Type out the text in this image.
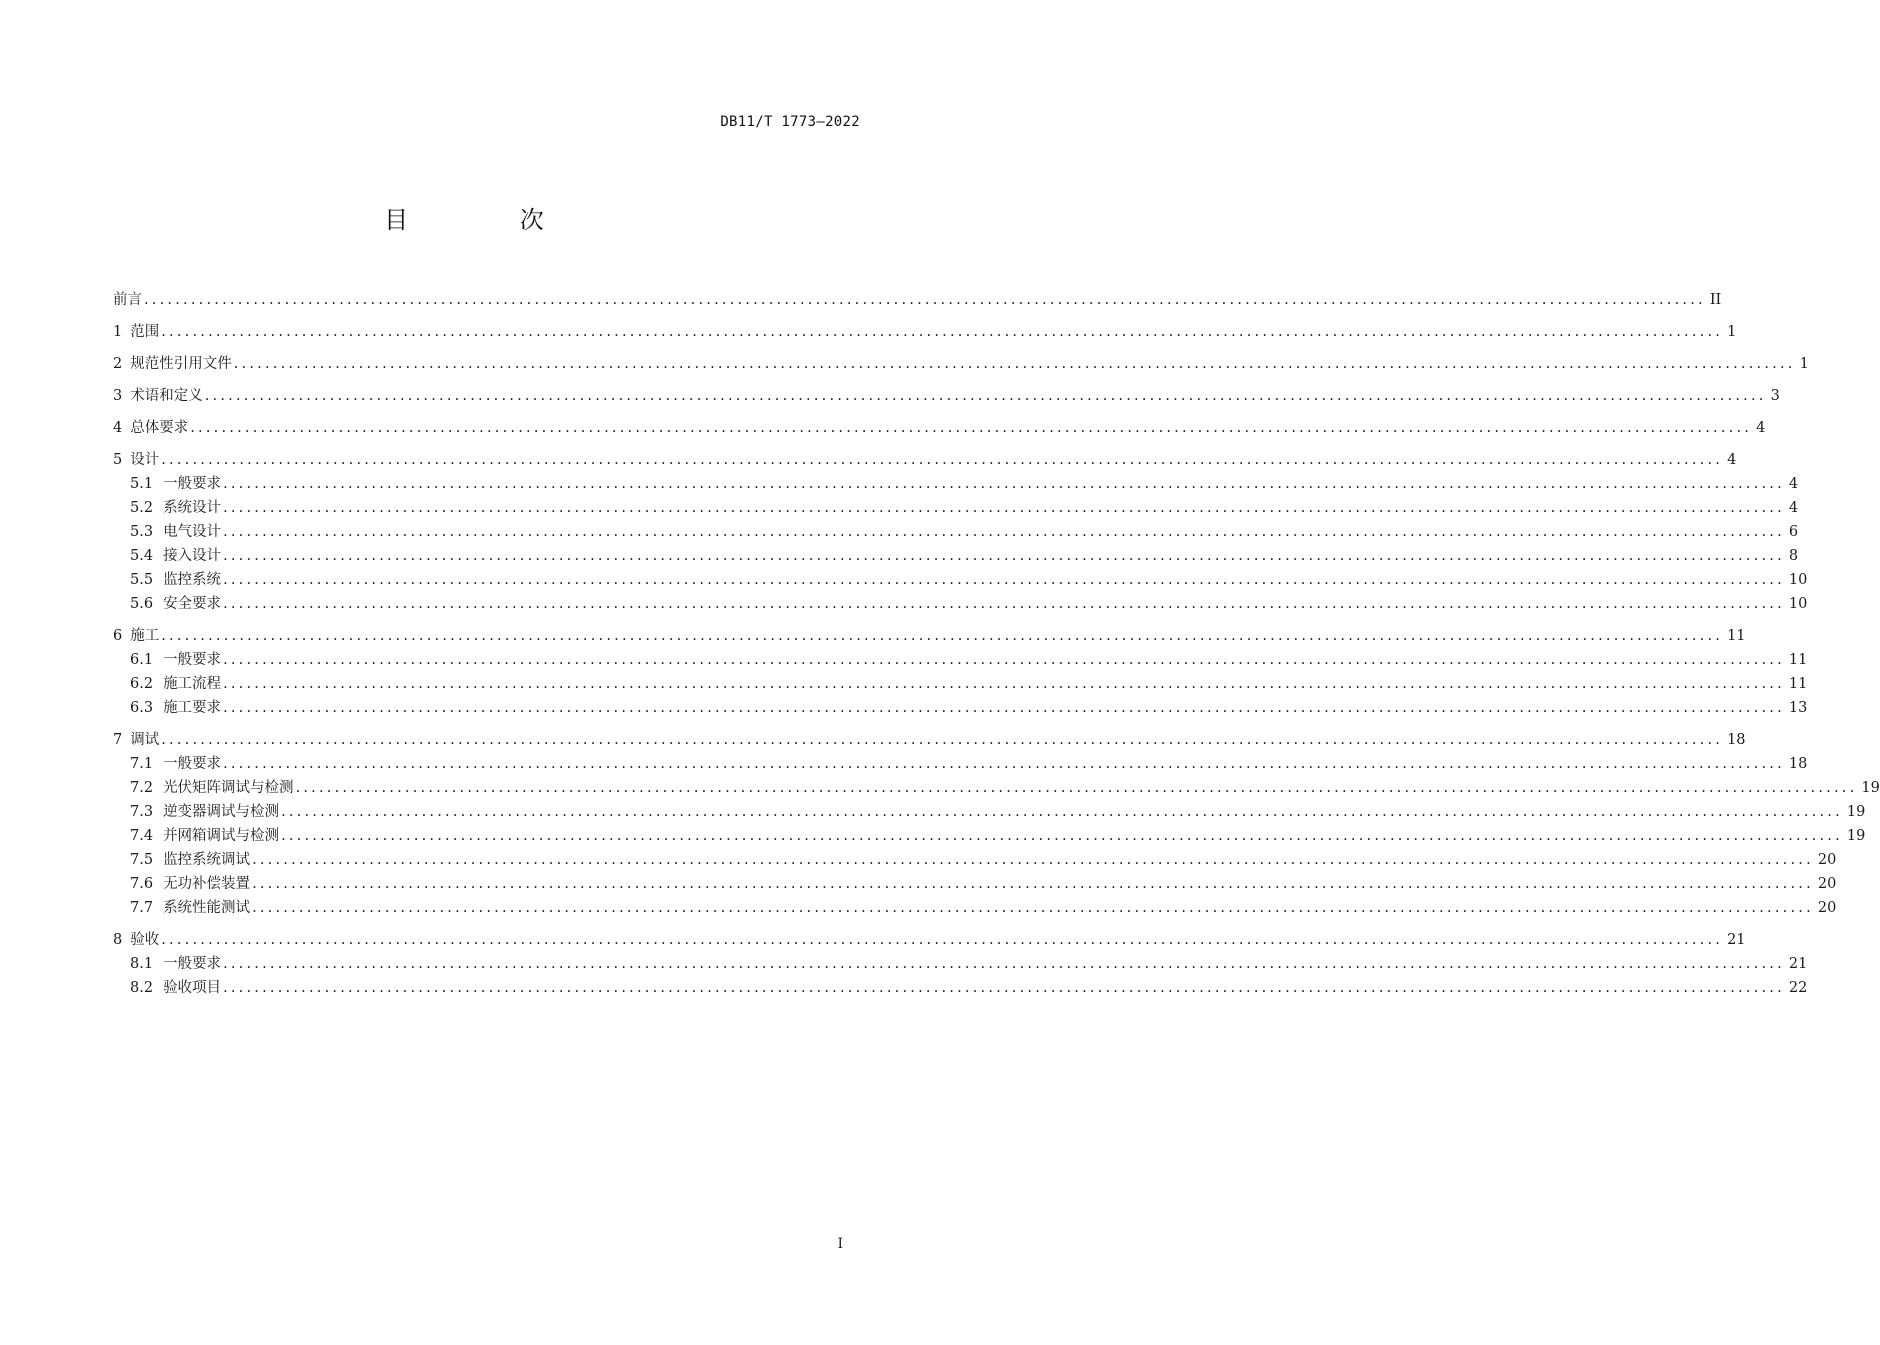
DB11/T 1773—2022
目 次
前言 ........................................................................................................................................................................................................ II
1 范围 ........................................................................................................................................................................................................ 1
2 规范性引用文件 ........................................................................................................................................................................................................ 1
3 术语和定义 ........................................................................................................................................................................................................ 3
4 总体要求 ........................................................................................................................................................................................................ 4
5 设计 ........................................................................................................................................................................................................ 4
5.1 一般要求 ........................................................................................................................................................................................................ 4
5.2 系统设计 ........................................................................................................................................................................................................ 4
5.3 电气设计 ........................................................................................................................................................................................................ 6
5.4 接入设计 ........................................................................................................................................................................................................ 8
5.5 监控系统 ........................................................................................................................................................................................................ 10
5.6 安全要求 ........................................................................................................................................................................................................ 10
6 施工 ........................................................................................................................................................................................................ 11
6.1 一般要求 ........................................................................................................................................................................................................ 11
6.2 施工流程 ........................................................................................................................................................................................................ 11
6.3 施工要求 ........................................................................................................................................................................................................ 13
7 调试 ........................................................................................................................................................................................................ 18
7.1 一般要求 ........................................................................................................................................................................................................ 18
7.2 光伏矩阵调试与检测 ........................................................................................................................................................................................................ 19
7.3 逆变器调试与检测 ........................................................................................................................................................................................................ 19
7.4 并网箱调试与检测 ........................................................................................................................................................................................................ 19
7.5 监控系统调试 ........................................................................................................................................................................................................ 20
7.6 无功补偿装置 ........................................................................................................................................................................................................ 20
7.7 系统性能测试 ........................................................................................................................................................................................................ 20
8 验收 ........................................................................................................................................................................................................ 21
8.1 一般要求 ........................................................................................................................................................................................................ 21
8.2 验收项目 ........................................................................................................................................................................................................ 22
I
